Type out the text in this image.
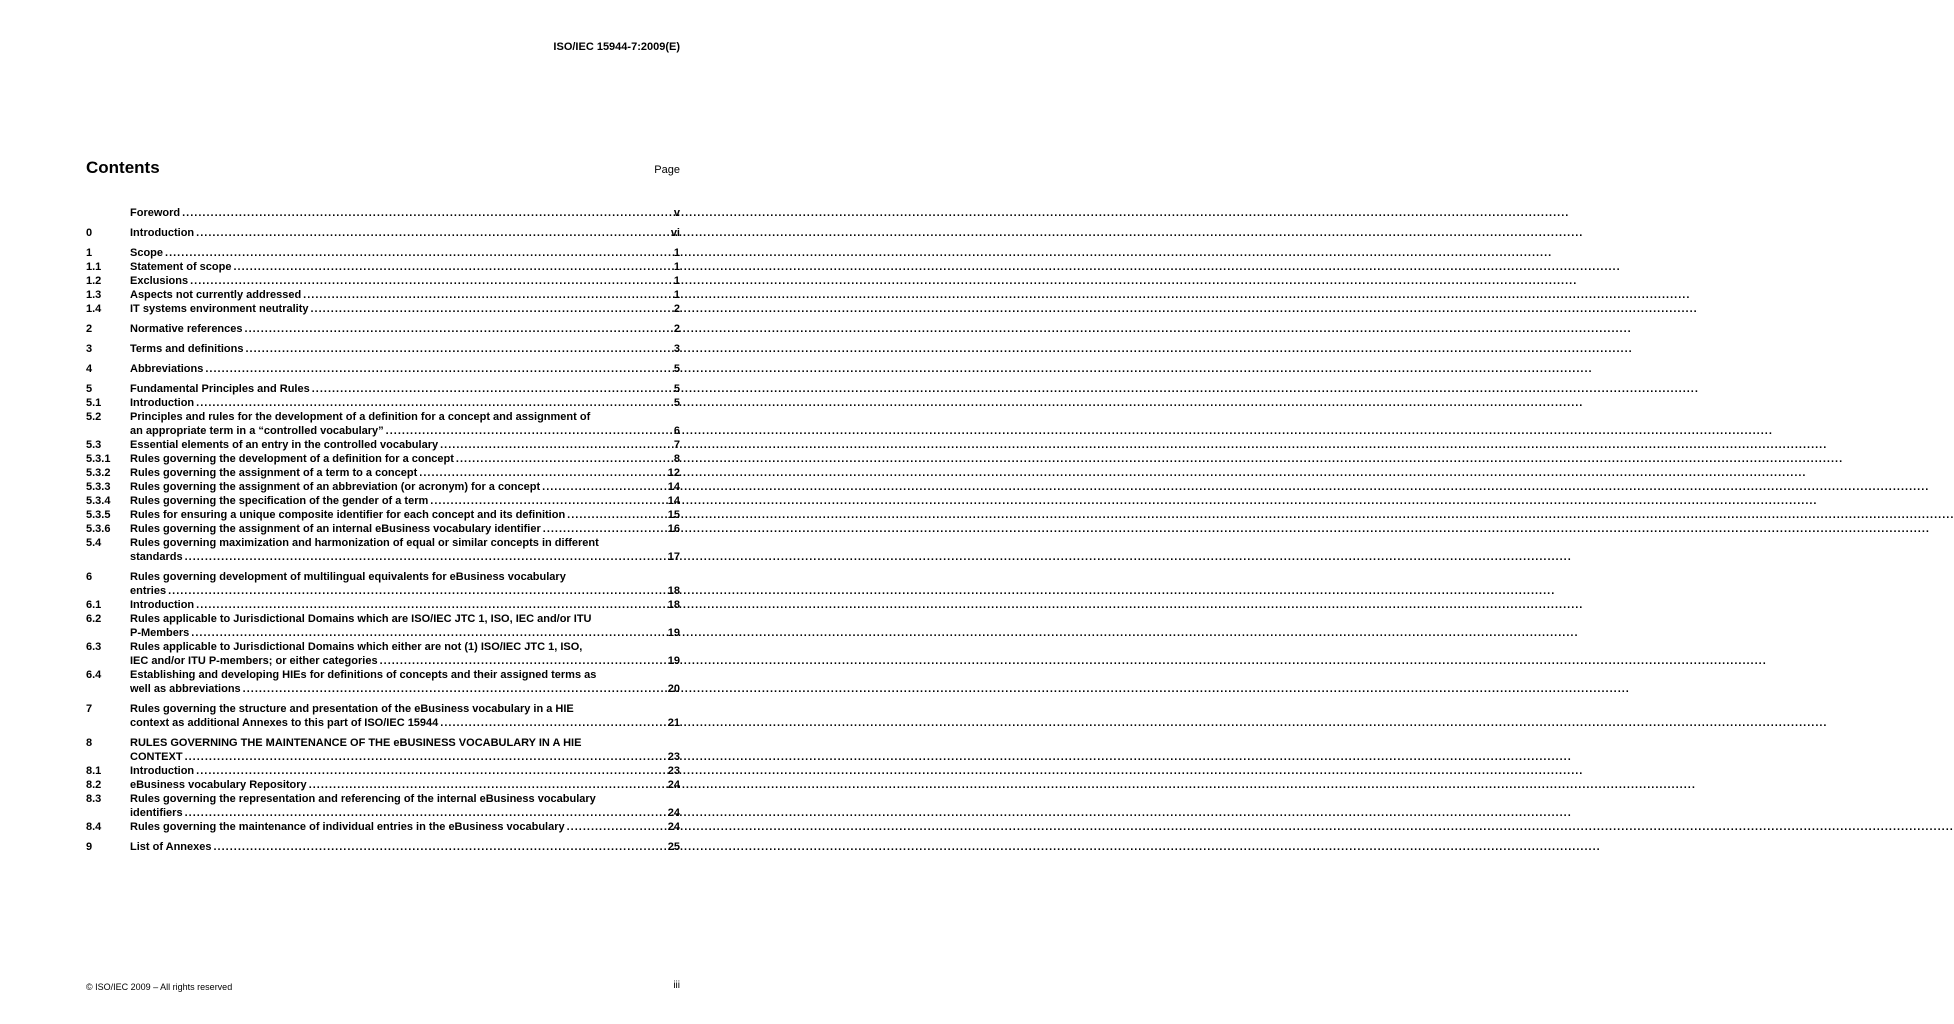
ISO/IEC 15944-7:2009(E)
Contents	Page
Foreword .....	v
0	Introduction .....	vi
1	Scope .....	1
1.1	Statement of scope .....	1
1.2	Exclusions .....	1
1.3	Aspects not currently addressed .....	1
1.4	IT systems environment neutrality .....	2
2	Normative references .....	2
3	Terms and definitions .....	3
4	Abbreviations .....	5
5	Fundamental Principles and Rules .....	5
5.1	Introduction .....	5
5.2	Principles and rules for the development of a definition for a concept and assignment of
an appropriate term in a “controlled vocabulary” .....	6
5.3	Essential elements of an entry in the controlled vocabulary .....	7
5.3.1	Rules governing the development of a definition for a concept .....	8
5.3.2	Rules governing the assignment of a term to a concept .....	12
5.3.3	Rules governing the assignment of an abbreviation (or acronym) for a concept .....	14
5.3.4	Rules governing the specification of the gender of a term .....	14
5.3.5	Rules for ensuring a unique composite identifier for each concept and its definition .....	15
5.3.6	Rules governing the assignment of an internal eBusiness vocabulary identifier .....	16
5.4	Rules governing maximization and harmonization of equal or similar concepts in different
standards .....	17
6	Rules governing development of multilingual equivalents for eBusiness vocabulary
entries .....	18
6.1	Introduction .....	18
6.2	Rules applicable to Jurisdictional Domains which are ISO/IEC JTC 1, ISO, IEC and/or ITU
P-Members .....	19
6.3	Rules applicable to Jurisdictional Domains which either are not (1) ISO/IEC JTC 1, ISO,
IEC and/or ITU P-members; or either categories .....	19
6.4	Establishing and developing HIEs for definitions of concepts and their assigned terms as
well as abbreviations .....	20
7	Rules governing the structure and presentation of the eBusiness vocabulary in a HIE
context as additional Annexes to this part of ISO/IEC 15944 .....	21
8	RULES GOVERNING THE MAINTENANCE OF THE eBUSINESS VOCABULARY IN A HIE
CONTEXT .....	23
8.1	Introduction .....	23
8.2	eBusiness vocabulary Repository .....	24
8.3	Rules governing the representation and referencing of the internal eBusiness vocabulary
identifiers .....	24
8.4	Rules governing the maintenance of individual entries in the eBusiness vocabulary .....	24
9	List of Annexes .....	25
© ISO/IEC 2009 – All rights reserved	iii
